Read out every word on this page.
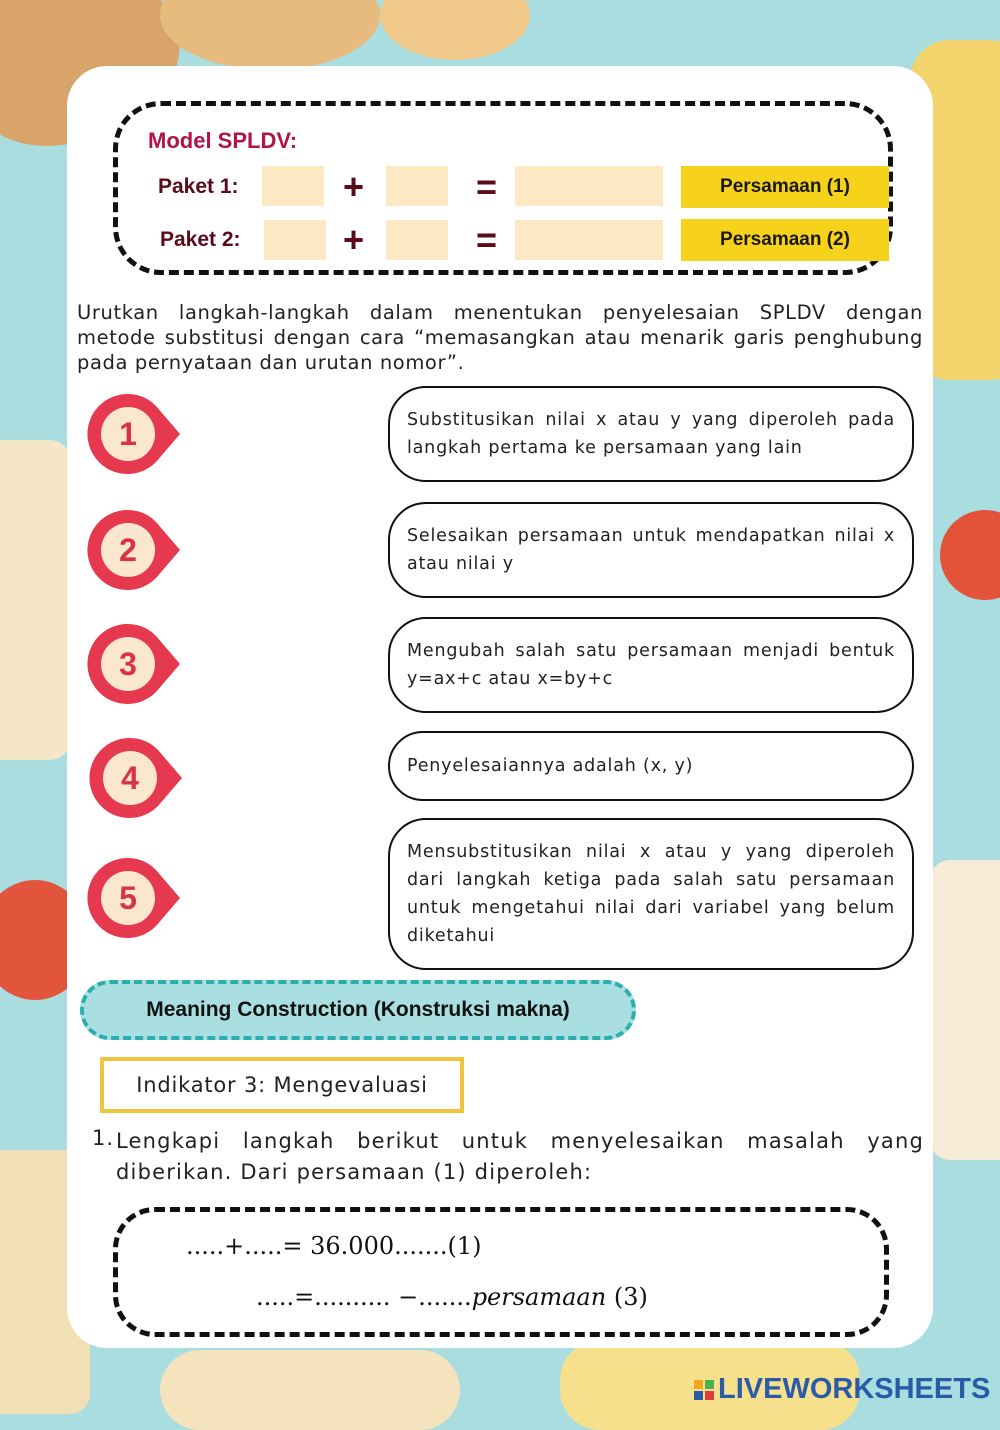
Model SPLDV:
Paket 1:	+	=	Persamaan (1)
Paket 2:	+	=	Persamaan (2)
Urutkan langkah-langkah dalam menentukan penyelesaian SPLDV dengan metode substitusi dengan cara “memasangkan atau menarik garis penghubung pada pernyataan dan urutan nomor”.
1
2
3
4
5
Substitusikan nilai x atau y yang diperoleh pada langkah pertama ke persamaan yang lain
Selesaikan persamaan untuk mendapatkan nilai x atau nilai y
Mengubah salah satu persamaan menjadi bentuk y=ax+c atau x=by+c
Penyelesaiannya adalah (x, y)
Mensubstitusikan nilai x atau y yang diperoleh dari langkah ketiga pada salah satu persamaan untuk mengetahui nilai dari variabel yang belum diketahui
Meaning Construction (Konstruksi makna)
Indikator 3: Mengevaluasi
1. Lengkapi langkah berikut untuk menyelesaikan masalah yang diberikan. Dari persamaan (1) diperoleh:
.....+.....= 36.000.......(1)
.....=.......... −.......persamaan (3)
LIVEWORKSHEETS
